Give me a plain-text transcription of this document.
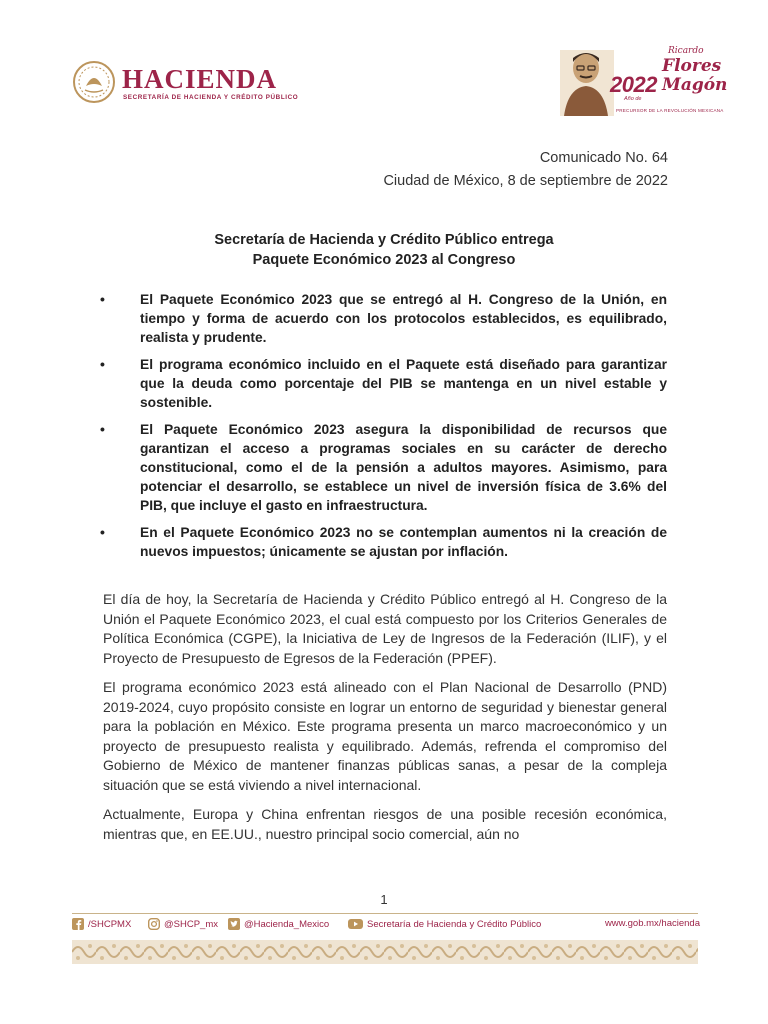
HACIENDA
SECRETARÍA DE HACIENDA Y CRÉDITO PÚBLICO
2022
Año de
Ricardo
Flores
Magón
PRECURSOR DE LA REVOLUCIÓN MEXICANA
Comunicado No. 64
Ciudad de México, 8 de septiembre de 2022
Secretaría de Hacienda y Crédito Público entrega
Paquete Económico 2023 al Congreso
• El Paquete Económico 2023 que se entregó al H. Congreso de la Unión, en tiempo y forma de acuerdo con los protocolos establecidos, es equilibrado, realista y prudente.
• El programa económico incluido en el Paquete está diseñado para garantizar que la deuda como porcentaje del PIB se mantenga en un nivel estable y sostenible.
• El Paquete Económico 2023 asegura la disponibilidad de recursos que garantizan el acceso a programas sociales en su carácter de derecho constitucional, como el de la pensión a adultos mayores. Asimismo, para potenciar el desarrollo, se establece un nivel de inversión física de 3.6% del PIB, que incluye el gasto en infraestructura.
• En el Paquete Económico 2023 no se contemplan aumentos ni la creación de nuevos impuestos; únicamente se ajustan por inflación.

El día de hoy, la Secretaría de Hacienda y Crédito Público entregó al H. Congreso de la Unión el Paquete Económico 2023, el cual está compuesto por los Criterios Generales de Política Económica (CGPE), la Iniciativa de Ley de Ingresos de la Federación (ILIF), y el Proyecto de Presupuesto de Egresos de la Federación (PPEF).

El programa económico 2023 está alineado con el Plan Nacional de Desarrollo (PND) 2019-2024, cuyo propósito consiste en lograr un entorno de seguridad y bienestar general para la población en México. Este programa presenta un marco macroeconómico y un proyecto de presupuesto realista y equilibrado. Además, refrenda el compromiso del Gobierno de México de mantener finanzas públicas sanas, a pesar de la compleja situación que se está viviendo a nivel internacional.

Actualmente, Europa y China enfrentan riesgos de una posible recesión económica, mientras que, en EE.UU., nuestro principal socio comercial, aún no

1
/SHCPMX	@SHCP_mx	@Hacienda_Mexico	Secretaría de Hacienda y Crédito Público	www.gob.mx/hacienda
